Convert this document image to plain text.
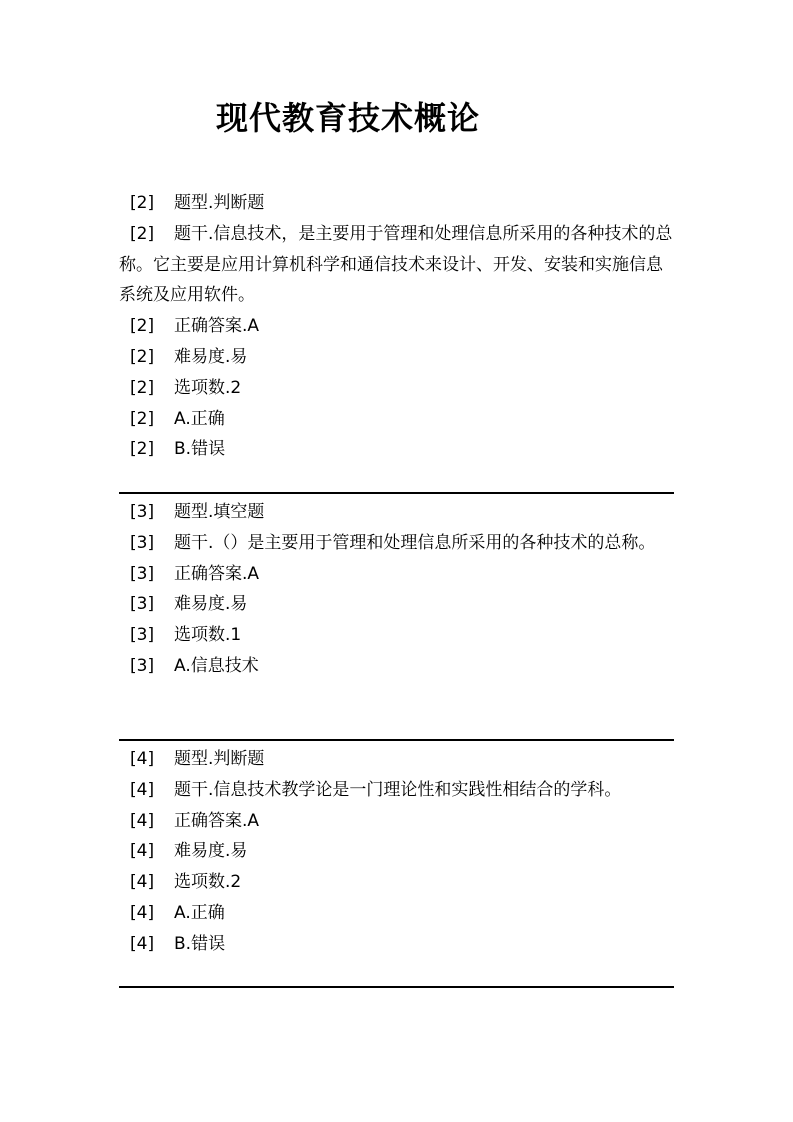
现代教育技术概论

[2] 题型.判断题

[2] 题干.信息技术，是主要用于管理和处理信息所采用的各种技术的总称。它主要是应用计算机科学和通信技术来设计、开发、安装和实施信息系统及应用软件。

[2] 正确答案.A

[2] 难易度.易

[2] 选项数.2

[2] A.正确

[2] B.错误

[3] 题型.填空题

[3] 题干.（）是主要用于管理和处理信息所采用的各种技术的总称。

[3] 正确答案.A

[3] 难易度.易

[3] 选项数.1

[3] A.信息技术

[4] 题型.判断题

[4] 题干.信息技术教学论是一门理论性和实践性相结合的学科。

[4] 正确答案.A

[4] 难易度.易

[4] 选项数.2

[4] A.正确

[4] B.错误
